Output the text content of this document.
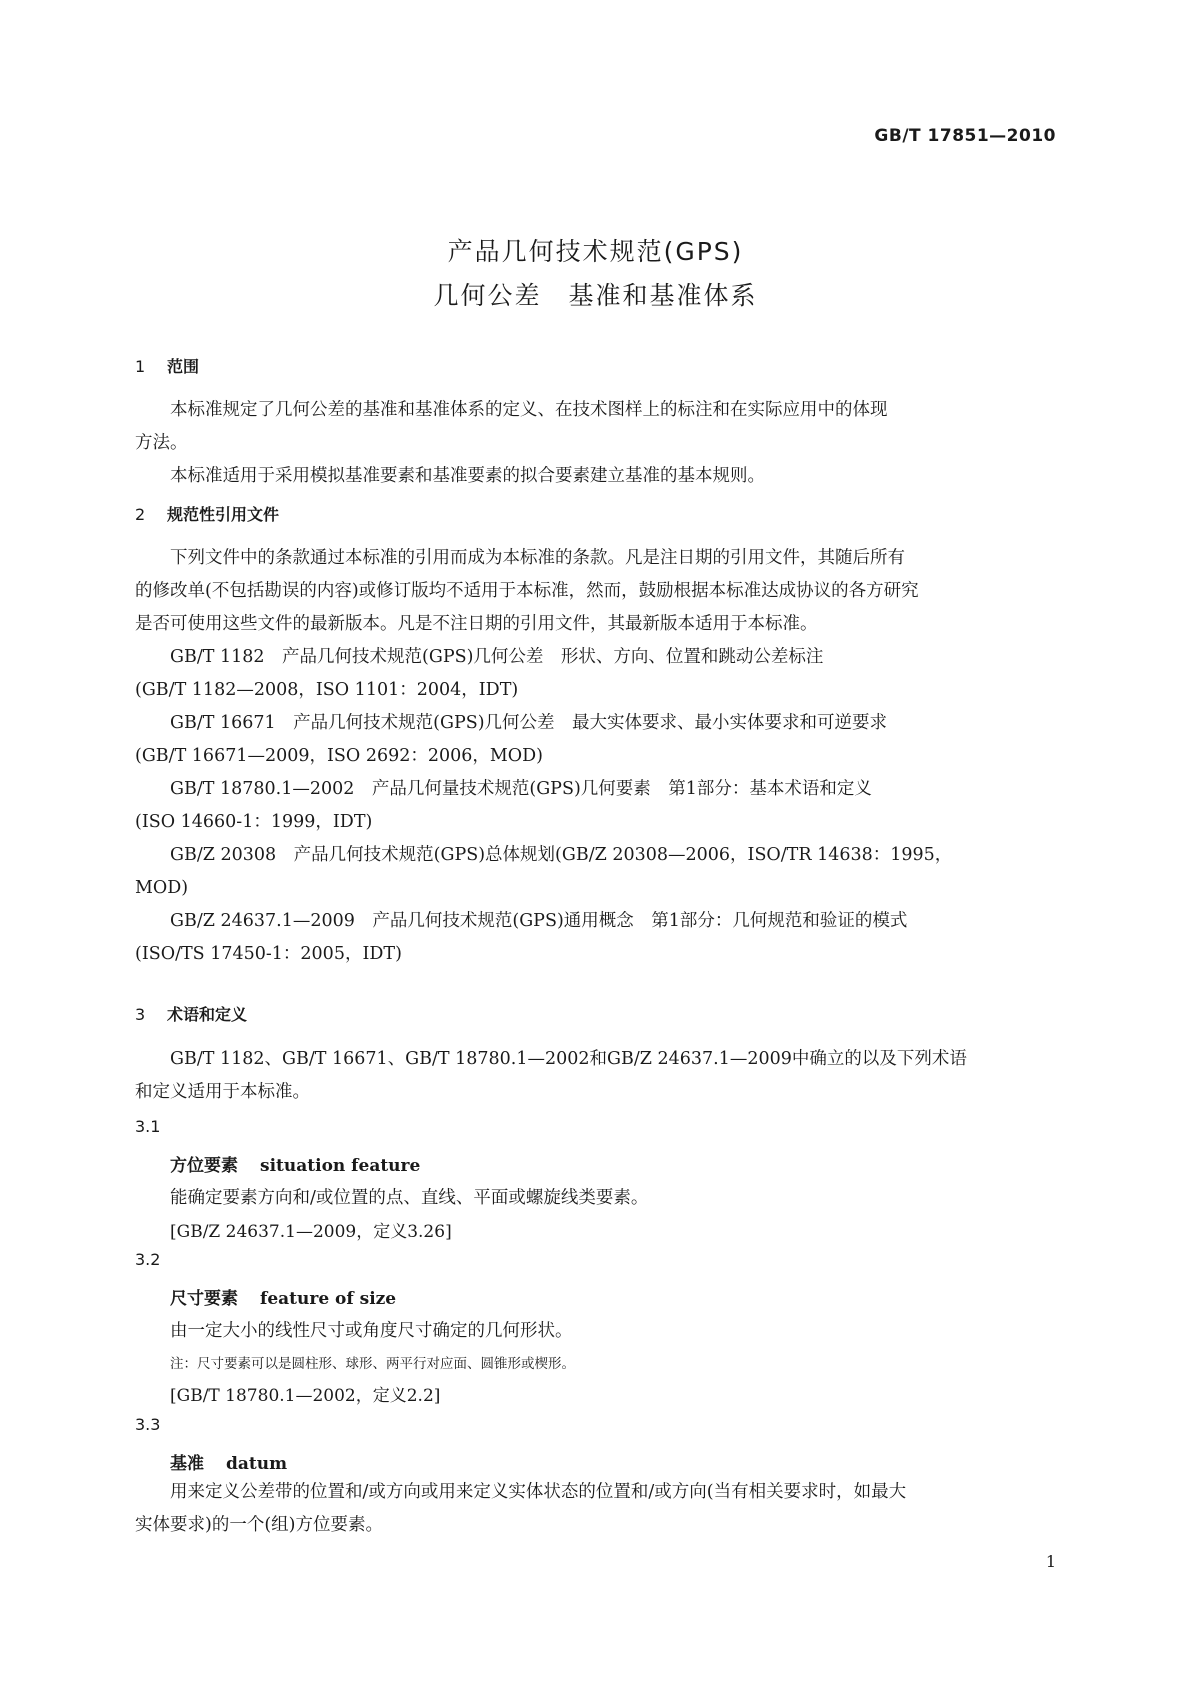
GB/T 17851—2010
产品几何技术规范(GPS)
几何公差　基准和基准体系
1 范围
本标准规定了几何公差的基准和基准体系的定义、在技术图样上的标注和在实际应用中的体现
方法。
本标准适用于采用模拟基准要素和基准要素的拟合要素建立基准的基本规则。
2 规范性引用文件
下列文件中的条款通过本标准的引用而成为本标准的条款。凡是注日期的引用文件，其随后所有
的修改单(不包括勘误的内容)或修订版均不适用于本标准，然而，鼓励根据本标准达成协议的各方研究
是否可使用这些文件的最新版本。凡是不注日期的引用文件，其最新版本适用于本标准。
GB/T 1182  产品几何技术规范(GPS)几何公差　形状、方向、位置和跳动公差标注
(GB/T 1182—2008，ISO 1101：2004，IDT)
GB/T 16671  产品几何技术规范(GPS)几何公差　最大实体要求、最小实体要求和可逆要求
(GB/T 16671—2009，ISO 2692：2006，MOD)
GB/T 18780.1—2002  产品几何量技术规范(GPS)几何要素　第1部分：基本术语和定义
(ISO 14660-1：1999，IDT)
GB/Z 20308  产品几何技术规范(GPS)总体规划(GB/Z 20308—2006，ISO/TR 14638：1995，
MOD)
GB/Z 24637.1—2009  产品几何技术规范(GPS)通用概念　第1部分：几何规范和验证的模式
(ISO/TS 17450-1：2005，IDT)
3 术语和定义
GB/T 1182、GB/T 16671、GB/T 18780.1—2002和GB/Z 24637.1—2009中确立的以及下列术语
和定义适用于本标准。
3.1
方位要素 situation feature
能确定要素方向和/或位置的点、直线、平面或螺旋线类要素。
[GB/Z 24637.1—2009，定义3.26]
3.2
尺寸要素 feature of size
由一定大小的线性尺寸或角度尺寸确定的几何形状。
注：尺寸要素可以是圆柱形、球形、两平行对应面、圆锥形或楔形。
[GB/T 18780.1—2002，定义2.2]
3.3
基准 datum
用来定义公差带的位置和/或方向或用来定义实体状态的位置和/或方向(当有相关要求时，如最大
实体要求)的一个(组)方位要素。
1
